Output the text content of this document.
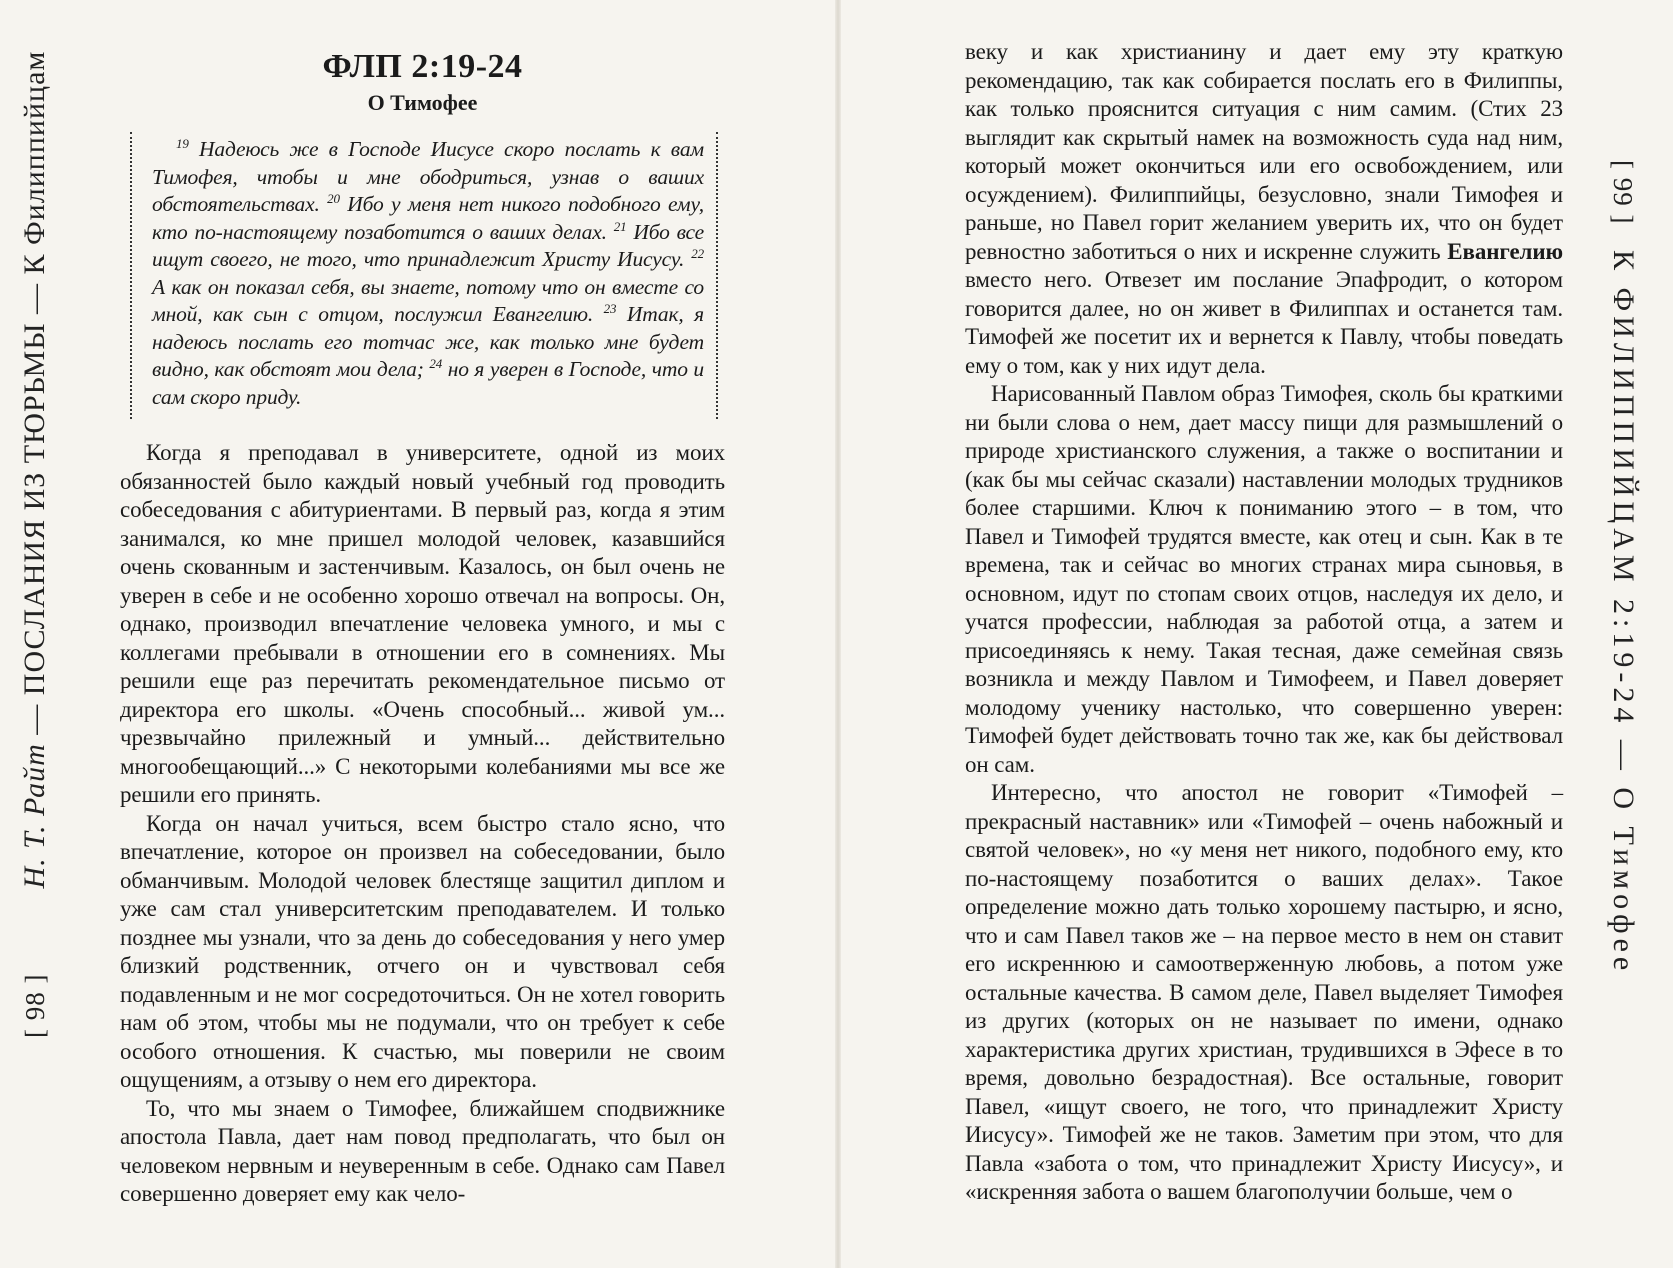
[ 98 ]          Н. Т. Райт — ПОСЛАНИЯ ИЗ ТЮРЬМЫ — К Филиппийцам	ФЛП 2:19-24
О Тимофее

$^{19}$ Надеюсь же в Господе Иисусе скоро послать к вам Тимофея, чтобы и мне ободриться, узнав о ваших обстоятельствах. $^{20}$ Ибо у меня нет никого подобного ему, кто по-настоящему позаботится о ваших делах. $^{21}$ Ибо все ищут своего, не того, что принадлежит Христу Иисусу. $^{22}$ А как он показал себя, вы знаете, потому что он вместе со мной, как сын с отцом, послужил Евангелию. $^{23}$ Итак, я надеюсь послать его тотчас же, как только мне будет видно, как обстоят мои дела; $^{24}$ но я уверен в Господе, что и сам скоро приду.

Когда я преподавал в университете, одной из моих обязанностей было каждый новый учебный год проводить собеседования с абитуриентами. В первый раз, когда я этим занимался, ко мне пришел молодой человек, казавшийся очень скованным и застенчивым. Казалось, он был очень не уверен в себе и не особенно хорошо отвечал на вопросы. Он, однако, производил впечатление человека умного, и мы с коллегами пребывали в отношении его в сомнениях. Мы решили еще раз перечитать рекомендательное письмо от директора его школы. «Очень способный... живой ум... чрезвычайно прилежный и умный... действительно многообещающий...» С некоторыми колебаниями мы все же решили его принять.

Когда он начал учиться, всем быстро стало ясно, что впечатление, которое он произвел на собеседовании, было обманчивым. Молодой человек блестяще защитил диплом и уже сам стал университетским преподавателем. И только позднее мы узнали, что за день до собеседования у него умер близкий родственник, отчего он и чувствовал себя подавленным и не мог сосредоточиться. Он не хотел говорить нам об этом, чтобы мы не подумали, что он требует к себе особого отношения. К счастью, мы поверили не своим ощущениям, а отзыву о нем его директора.

То, что мы знаем о Тимофее, ближайшем сподвижнике апостола Павла, дает нам повод предполагать, что был он человеком нервным и неуверенным в себе. Однако сам Павел совершенно доверяет ему как чело-

веку и как христианину и дает ему эту краткую рекомендацию, так как собирается послать его в Филиппы, как только прояснится ситуация с ним самим. (Стих 23 выглядит как скрытый намек на возможность суда над ним, который может окончиться или его освобождением, или осуждением). Филиппийцы, безусловно, знали Тимофея и раньше, но Павел горит желанием уверить их, что он будет ревностно заботиться о них и искренне служить Евангелию вместо него. Отвезет им послание Эпафродит, о котором говорится далее, но он живет в Филиппах и останется там. Тимофей же посетит их и вернется к Павлу, чтобы поведать ему о том, как у них идут дела.

Нарисованный Павлом образ Тимофея, сколь бы краткими ни были слова о нем, дает массу пищи для размышлений о природе христианского служения, а также о воспитании и (как бы мы сейчас сказали) наставлении молодых трудников более старшими. Ключ к пониманию этого – в том, что Павел и Тимофей трудятся вместе, как отец и сын. Как в те времена, так и сейчас во многих странах мира сыновья, в основном, идут по стопам своих отцов, наследуя их дело, и учатся профессии, наблюдая за работой отца, а затем и присоединяясь к нему. Такая тесная, даже семейная связь возникла и между Павлом и Тимофеем, и Павел доверяет молодому ученику настолько, что совершенно уверен: Тимофей будет действовать точно так же, как бы действовал он сам.

Интересно, что апостол не говорит «Тимофей – прекрасный наставник» или «Тимофей – очень набожный и святой человек», но «у меня нет никого, подобного ему, кто по-настоящему позаботится о ваших делах». Такое определение можно дать только хорошему пастырю, и ясно, что и сам Павел таков же – на первое место в нем он ставит его искреннюю и самоотверженную любовь, а потом уже остальные качества. В самом деле, Павел выделяет Тимофея из других (которых он не называет по имени, однако характеристика других христиан, трудившихся в Эфесе в то время, довольно безрадостная). Все остальные, говорит Павел, «ищут своего, не того, что принадлежит Христу Иисусу». Тимофей же не таков. Заметим при этом, что для Павла «забота о том, что принадлежит Христу Иисусу», и «искренняя забота о вашем благополучии больше, чем о

[ 99 ]   К ФИЛИППИЙЦАМ 2:19-24 — О Тимофее
